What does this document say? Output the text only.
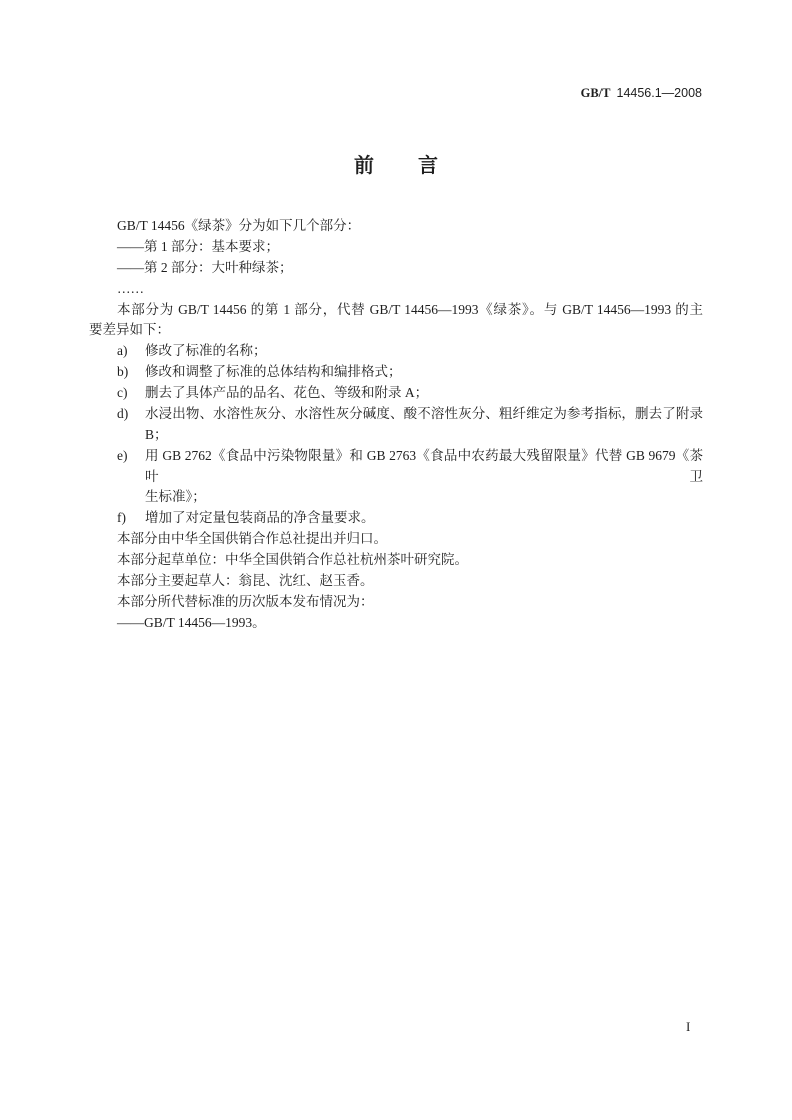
GB/T 14456.1—2008
前　言
GB/T 14456《绿茶》分为如下几个部分：
——第 1 部分：基本要求；
——第 2 部分：大叶种绿茶；
……
本部分为 GB/T 14456 的第 1 部分，代替 GB/T 14456—1993《绿茶》。与 GB/T 14456—1993 的主
要差异如下：
a)	修改了标准的名称；
b)	修改和调整了标准的总体结构和编排格式；
c)	删去了具体产品的品名、花色、等级和附录 A；
d)	水浸出物、水溶性灰分、水溶性灰分碱度、酸不溶性灰分、粗纤维定为参考指标，删去了附录 B；
e)	用 GB 2762《食品中污染物限量》和 GB 2763《食品中农药最大残留限量》代替 GB 9679《茶叶卫
生标准》；
f)	增加了对定量包装商品的净含量要求。
本部分由中华全国供销合作总社提出并归口。
本部分起草单位：中华全国供销合作总社杭州茶叶研究院。
本部分主要起草人：翁昆、沈红、赵玉香。
本部分所代替标准的历次版本发布情况为：
——GB/T 14456—1993。
I
